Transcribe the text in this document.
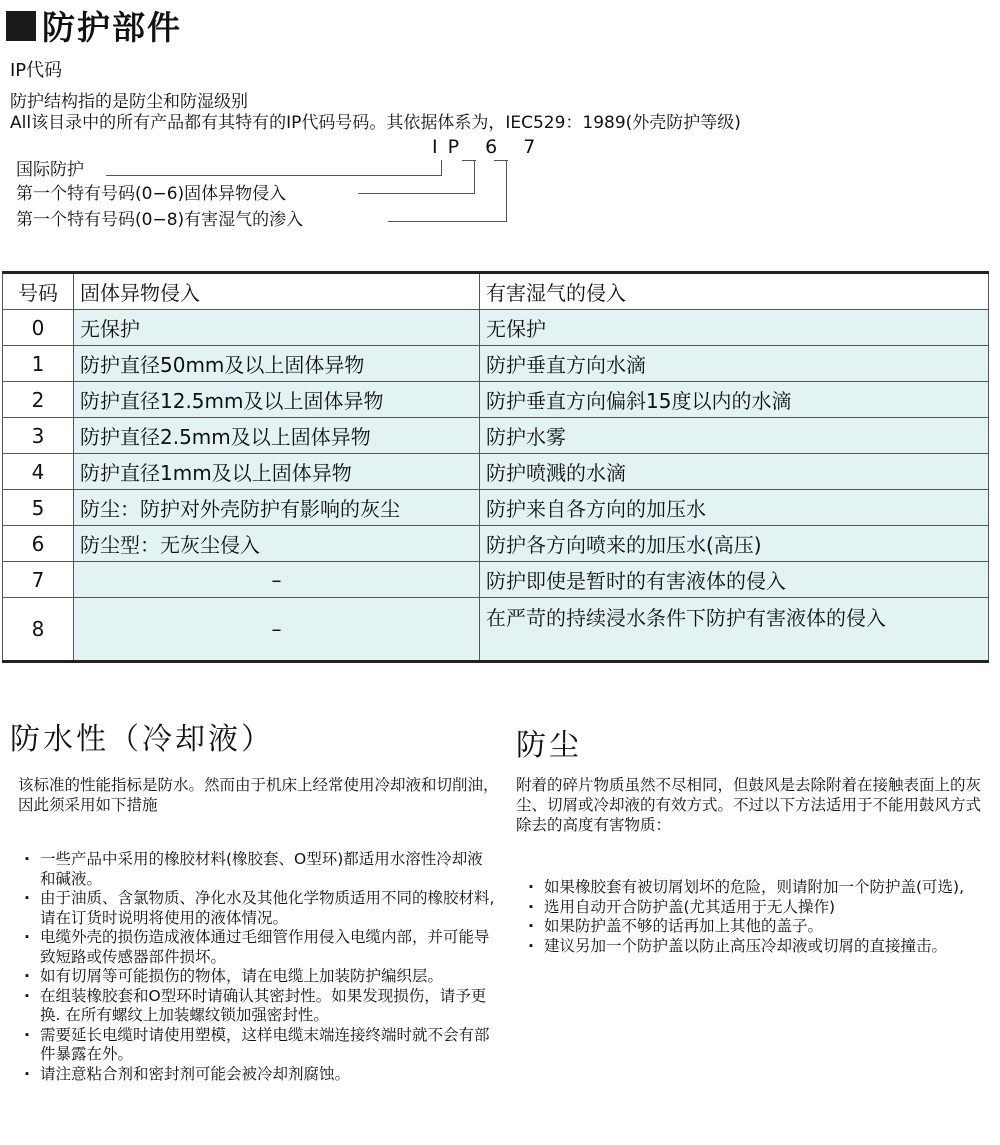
防护部件
IP代码
防护结构指的是防尘和防湿级别
All该目录中的所有产品都有其特有的IP代码号码。其依据体系为，IEC529：1989(外壳防护等级)
IP 6 7
国际防护
第一个特有号码(0−6)固体异物侵入
第一个特有号码(0−8)有害湿气的渗入
号码	固体异物侵入	有害湿气的侵入
0	无保护	无保护
1	防护直径50mm及以上固体异物	防护垂直方向水滴
2	防护直径12.5mm及以上固体异物	防护垂直方向偏斜15度以内的水滴
3	防护直径2.5mm及以上固体异物	防护水雾
4	防护直径1mm及以上固体异物	防护喷溅的水滴
5	防尘：防护对外壳防护有影响的灰尘	防护来自各方向的加压水
6	防尘型：无灰尘侵入	防护各方向喷来的加压水(高压)
7	–	防护即使是暂时的有害液体的侵入
8	–	在严苛的持续浸水条件下防护有害液体的侵入
防水性（冷却液）
该标准的性能指标是防水。然而由于机床上经常使用冷却液和切削油，因此须采用如下措施
· 一些产品中采用的橡胶材料(橡胶套、O型环)都适用水溶性冷却液和碱液。
· 由于油质、含氯物质、净化水及其他化学物质适用不同的橡胶材料,请在订货时说明将使用的液体情况。
· 电缆外壳的损伤造成液体通过毛细管作用侵入电缆内部，并可能导致短路或传感器部件损坏。
· 如有切屑等可能损伤的物体，请在电缆上加装防护编织层。
· 在组装橡胶套和O型环时请确认其密封性。如果发现损伤，请予更换. 在所有螺纹上加装螺纹锁加强密封性。
· 需要延长电缆时请使用塑模，这样电缆末端连接终端时就不会有部件暴露在外。
· 请注意粘合剂和密封剂可能会被冷却剂腐蚀。
防尘
附着的碎片物质虽然不尽相同，但鼓风是去除附着在接触表面上的灰尘、切屑或冷却液的有效方式。不过以下方法适用于不能用鼓风方式除去的高度有害物质：
· 如果橡胶套有被切屑划坏的危险，则请附加一个防护盖(可选),
· 选用自动开合防护盖(尤其适用于无人操作)
· 如果防护盖不够的话再加上其他的盖子。
· 建议另加一个防护盖以防止高压冷却液或切屑的直接撞击。
